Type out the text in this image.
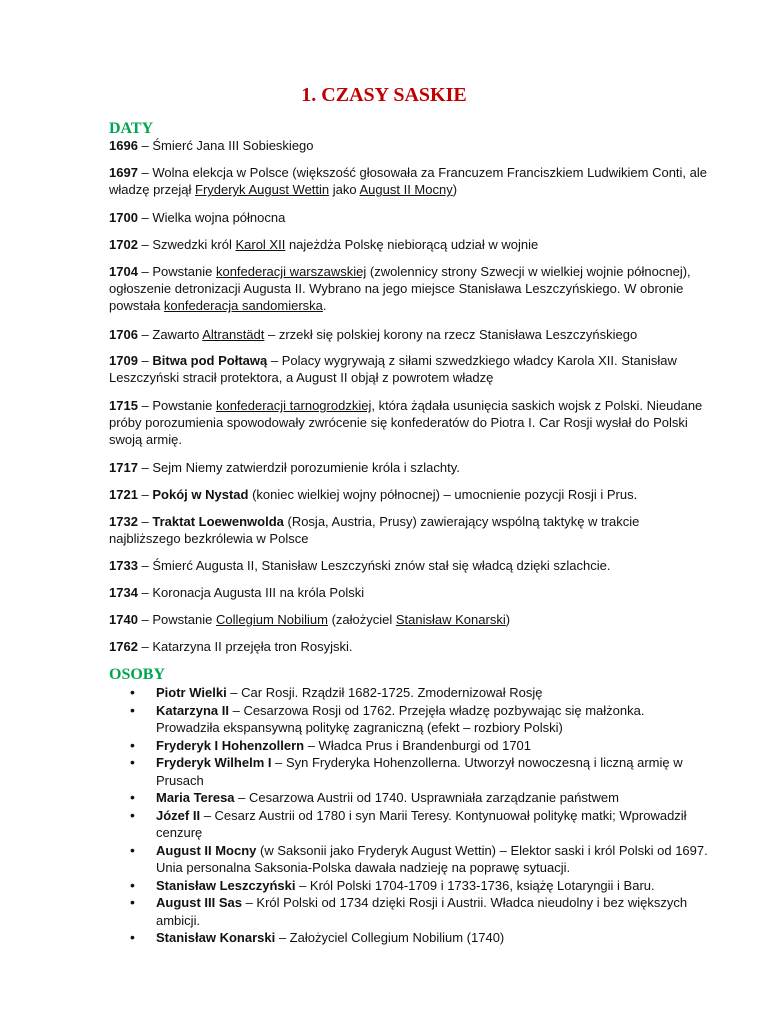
1. CZASY SASKIE
DATY
1696 – Śmierć Jana III Sobieskiego
1697 – Wolna elekcja w Polsce (większość głosowała za Francuzem Franciszkiem Ludwikiem Conti, ale władzę przejął Fryderyk August Wettin jako August II Mocny)
1700 – Wielka wojna północna
1702 – Szwedzki król Karol XII najeżdża Polskę niebiorącą udział w wojnie
1704 – Powstanie konfederacji warszawskiej (zwolennicy strony Szwecji w wielkiej wojnie północnej), ogłoszenie detronizacji Augusta II. Wybrano na jego miejsce Stanisława Leszczyńskiego. W obronie powstała konfederacja sandomierska.
1706 – Zawarto Altranstädt – zrzekł się polskiej korony na rzecz Stanisława Leszczyńskiego
1709 – Bitwa pod Połtawą – Polacy wygrywają z siłami szwedzkiego władcy Karola XII. Stanisław Leszczyński stracił protektora, a August II objął z powrotem władzę
1715 – Powstanie konfederacji tarnogrodzkiej, która żądała usunięcia saskich wojsk z Polski. Nieudane próby porozumienia spowodowały zwrócenie się konfederatów do Piotra I. Car Rosji wysłał do Polski swoją armię.
1717 – Sejm Niemy zatwierdził porozumienie króla i szlachty.
1721 – Pokój w Nystad (koniec wielkiej wojny północnej) – umocnienie pozycji Rosji i Prus.
1732 – Traktat Loewenwolda (Rosja, Austria, Prusy) zawierający wspólną taktykę w trakcie najbliższego bezkrólewia w Polsce
1733 – Śmierć Augusta II, Stanisław Leszczyński znów stał się władcą dzięki szlachcie.
1734 – Koronacja Augusta III na króla Polski
1740 – Powstanie Collegium Nobilium (założyciel Stanisław Konarski)
1762 – Katarzyna II przejęła tron Rosyjski.
OSOBY
• Piotr Wielki – Car Rosji. Rządził 1682-1725. Zmodernizował Rosję
• Katarzyna II – Cesarzowa Rosji od 1762. Przejęła władzę pozbywając się małżonka. Prowadziła ekspansywną politykę zagraniczną (efekt – rozbiory Polski)
• Fryderyk I Hohenzollern – Władca Prus i Brandenburgi od 1701
• Fryderyk Wilhelm I – Syn Fryderyka Hohenzollerna. Utworzył nowoczesną i liczną armię w Prusach
• Maria Teresa – Cesarzowa Austrii od 1740. Usprawniała zarządzanie państwem
• Józef II – Cesarz Austrii od 1780 i syn Marii Teresy. Kontynuował politykę matki; Wprowadził cenzurę
• August II Mocny (w Saksonii jako Fryderyk August Wettin) – Elektor saski i król Polski od 1697. Unia personalna Saksonia-Polska dawała nadzieję na poprawę sytuacji.
• Stanisław Leszczyński – Król Polski 1704-1709 i 1733-1736, książę Lotaryngii i Baru.
• August III Sas – Król Polski od 1734 dzięki Rosji i Austrii. Władca nieudolny i bez większych ambicji.
• Stanisław Konarski – Założyciel Collegium Nobilium (1740)
